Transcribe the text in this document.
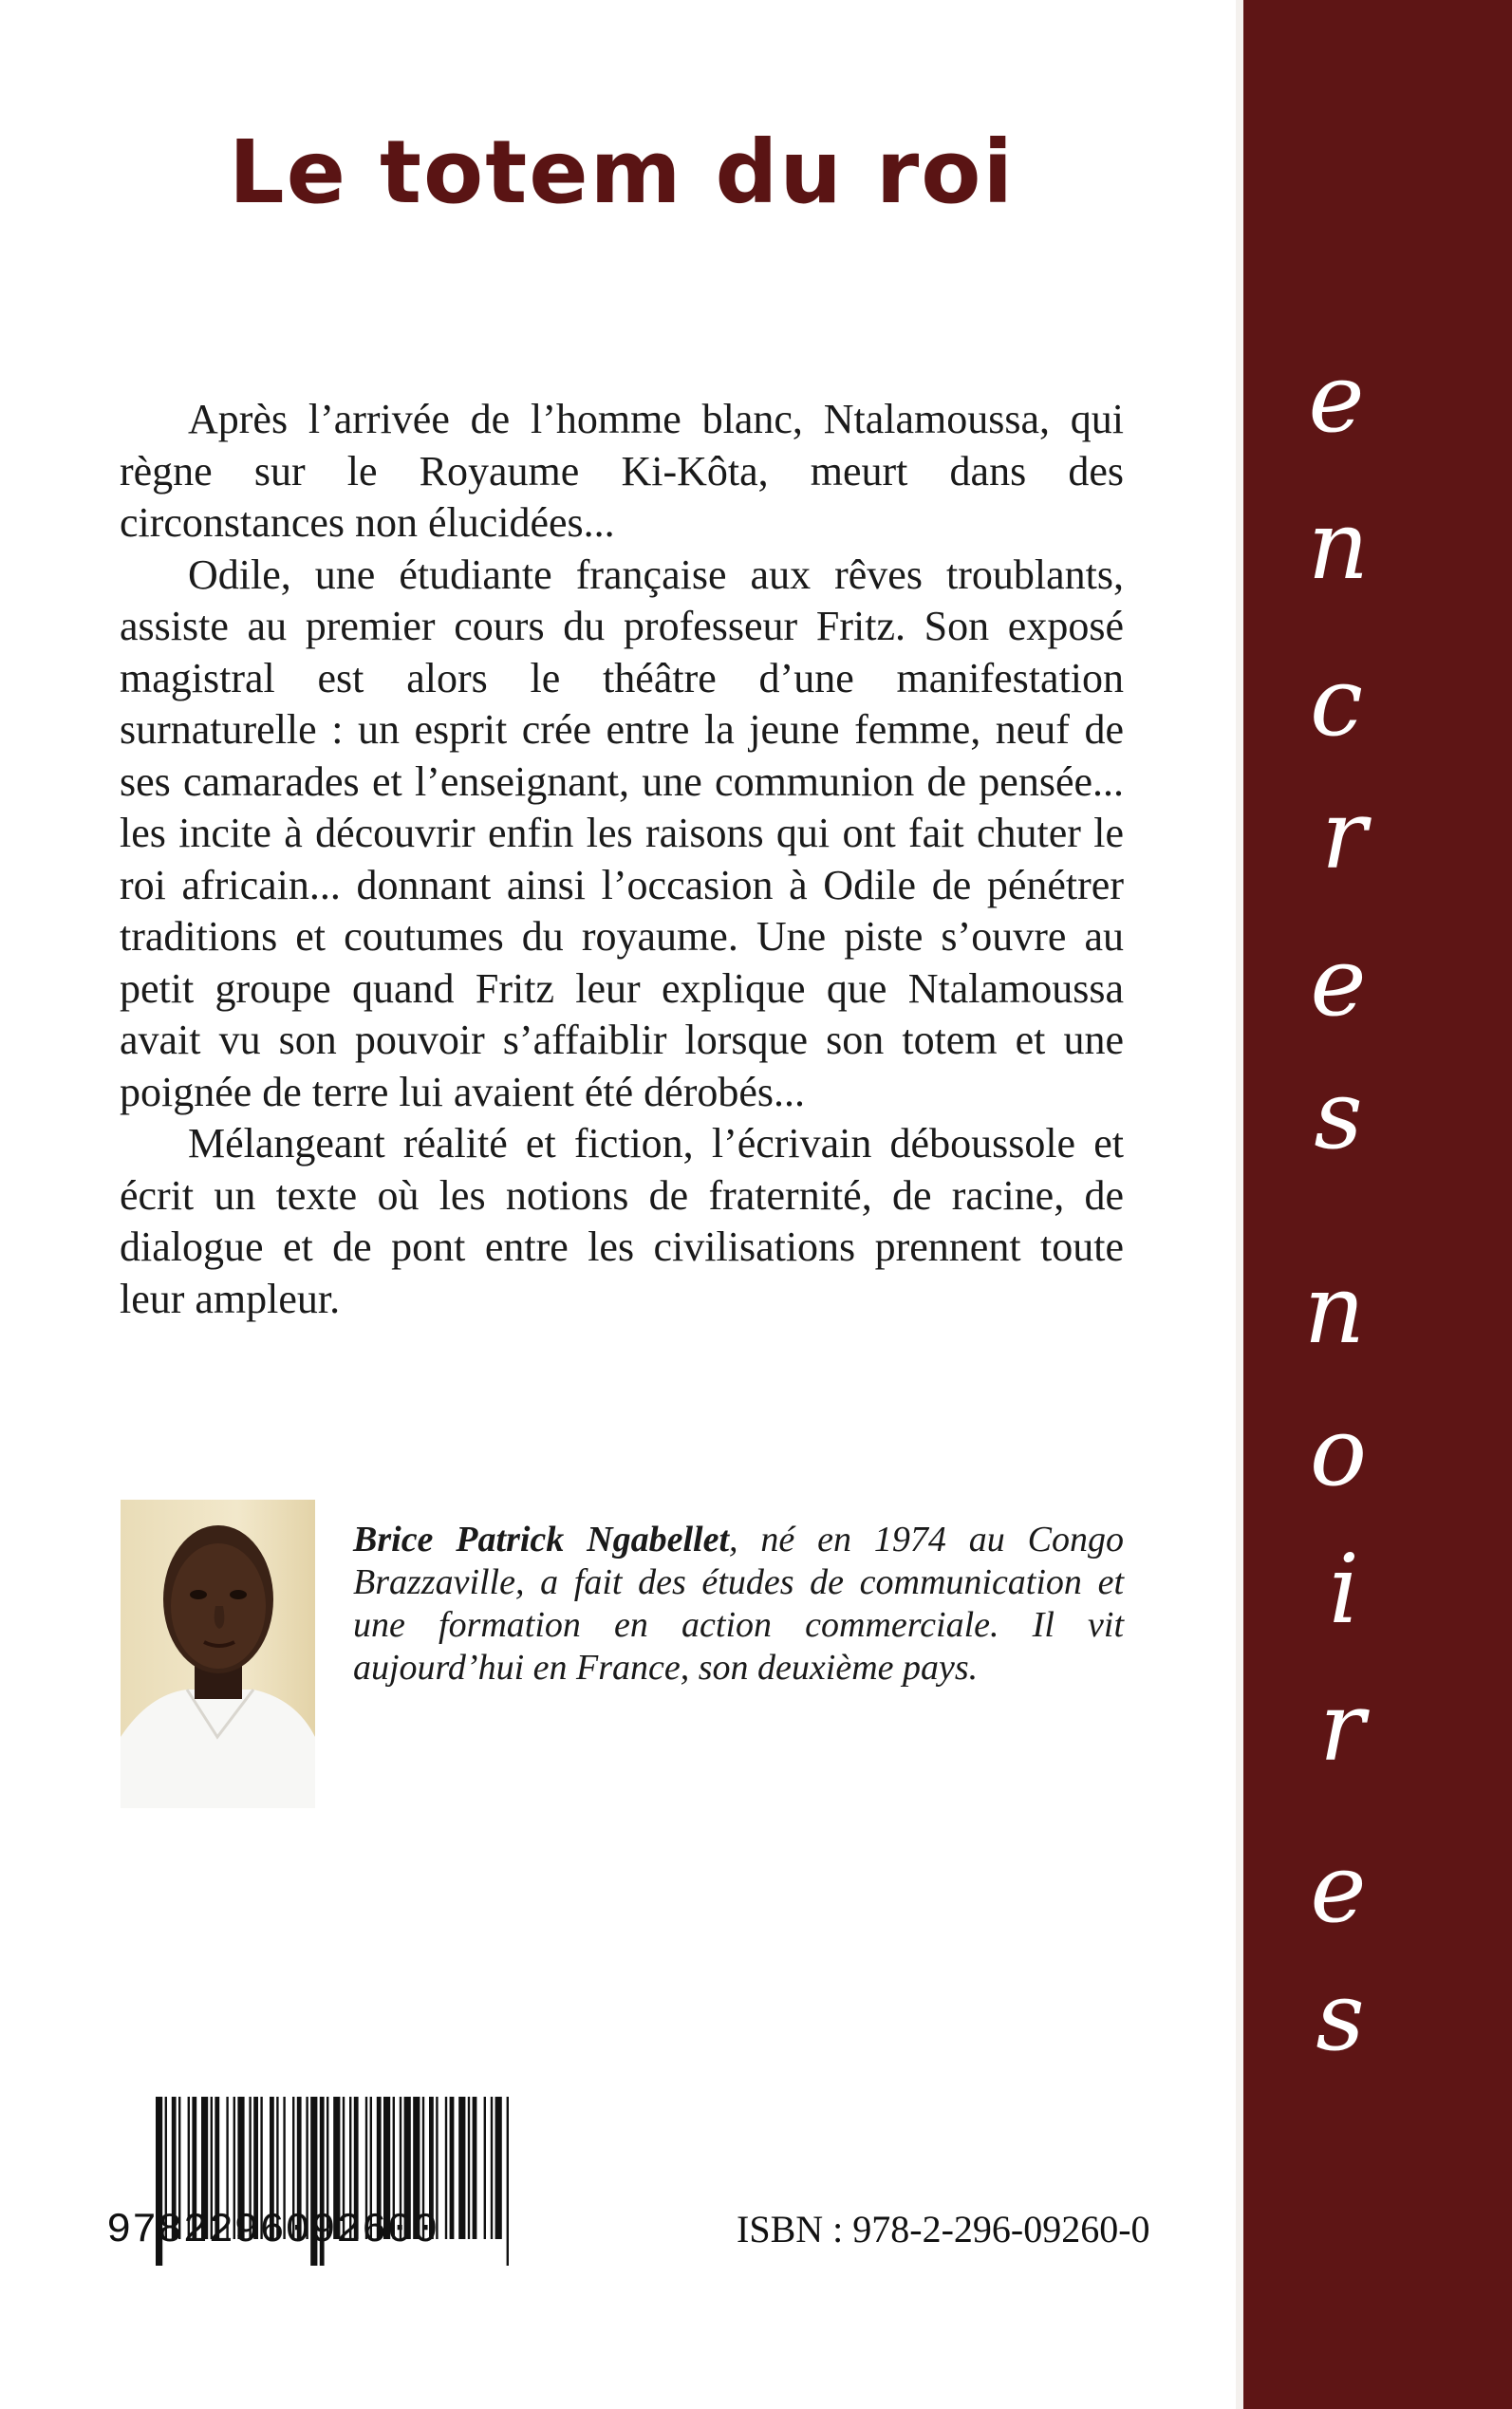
Le totem du roi

Après l’arrivée de l’homme blanc, Ntalamoussa, qui règne sur le Royaume Ki-Kôta, meurt dans des circonstances non élucidées...

Odile, une étudiante française aux rêves troublants, assiste au premier cours du professeur Fritz. Son exposé magistral est alors le théâtre d’une manifestation surnaturelle : un esprit crée entre la jeune femme, neuf de ses camarades et l’enseignant, une communion de pensée... les incite à découvrir enfin les raisons qui ont fait chuter le roi africain... donnant ainsi l’occasion à Odile de pénétrer traditions et coutumes du royaume. Une piste s’ouvre au petit groupe quand Fritz leur explique que Ntalamoussa avait vu son pouvoir s’affaiblir lorsque son totem et une poignée de terre lui avaient été dérobés...

Mélangeant réalité et fiction, l’écrivain déboussole et écrit un texte où les notions de fraternité, de racine, de dialogue et de pont entre les civilisations prennent toute leur ampleur.

Brice Patrick Ngabellet, né en 1974 au Congo Brazzaville, a fait des études de communication et une formation en action commerciale. Il vit aujourd’hui en France, son deuxième pays.
9782296092600	ISBN : 978-2-296-09260-0
e
n
c
r
e
s
n
o
i
r
e
s
